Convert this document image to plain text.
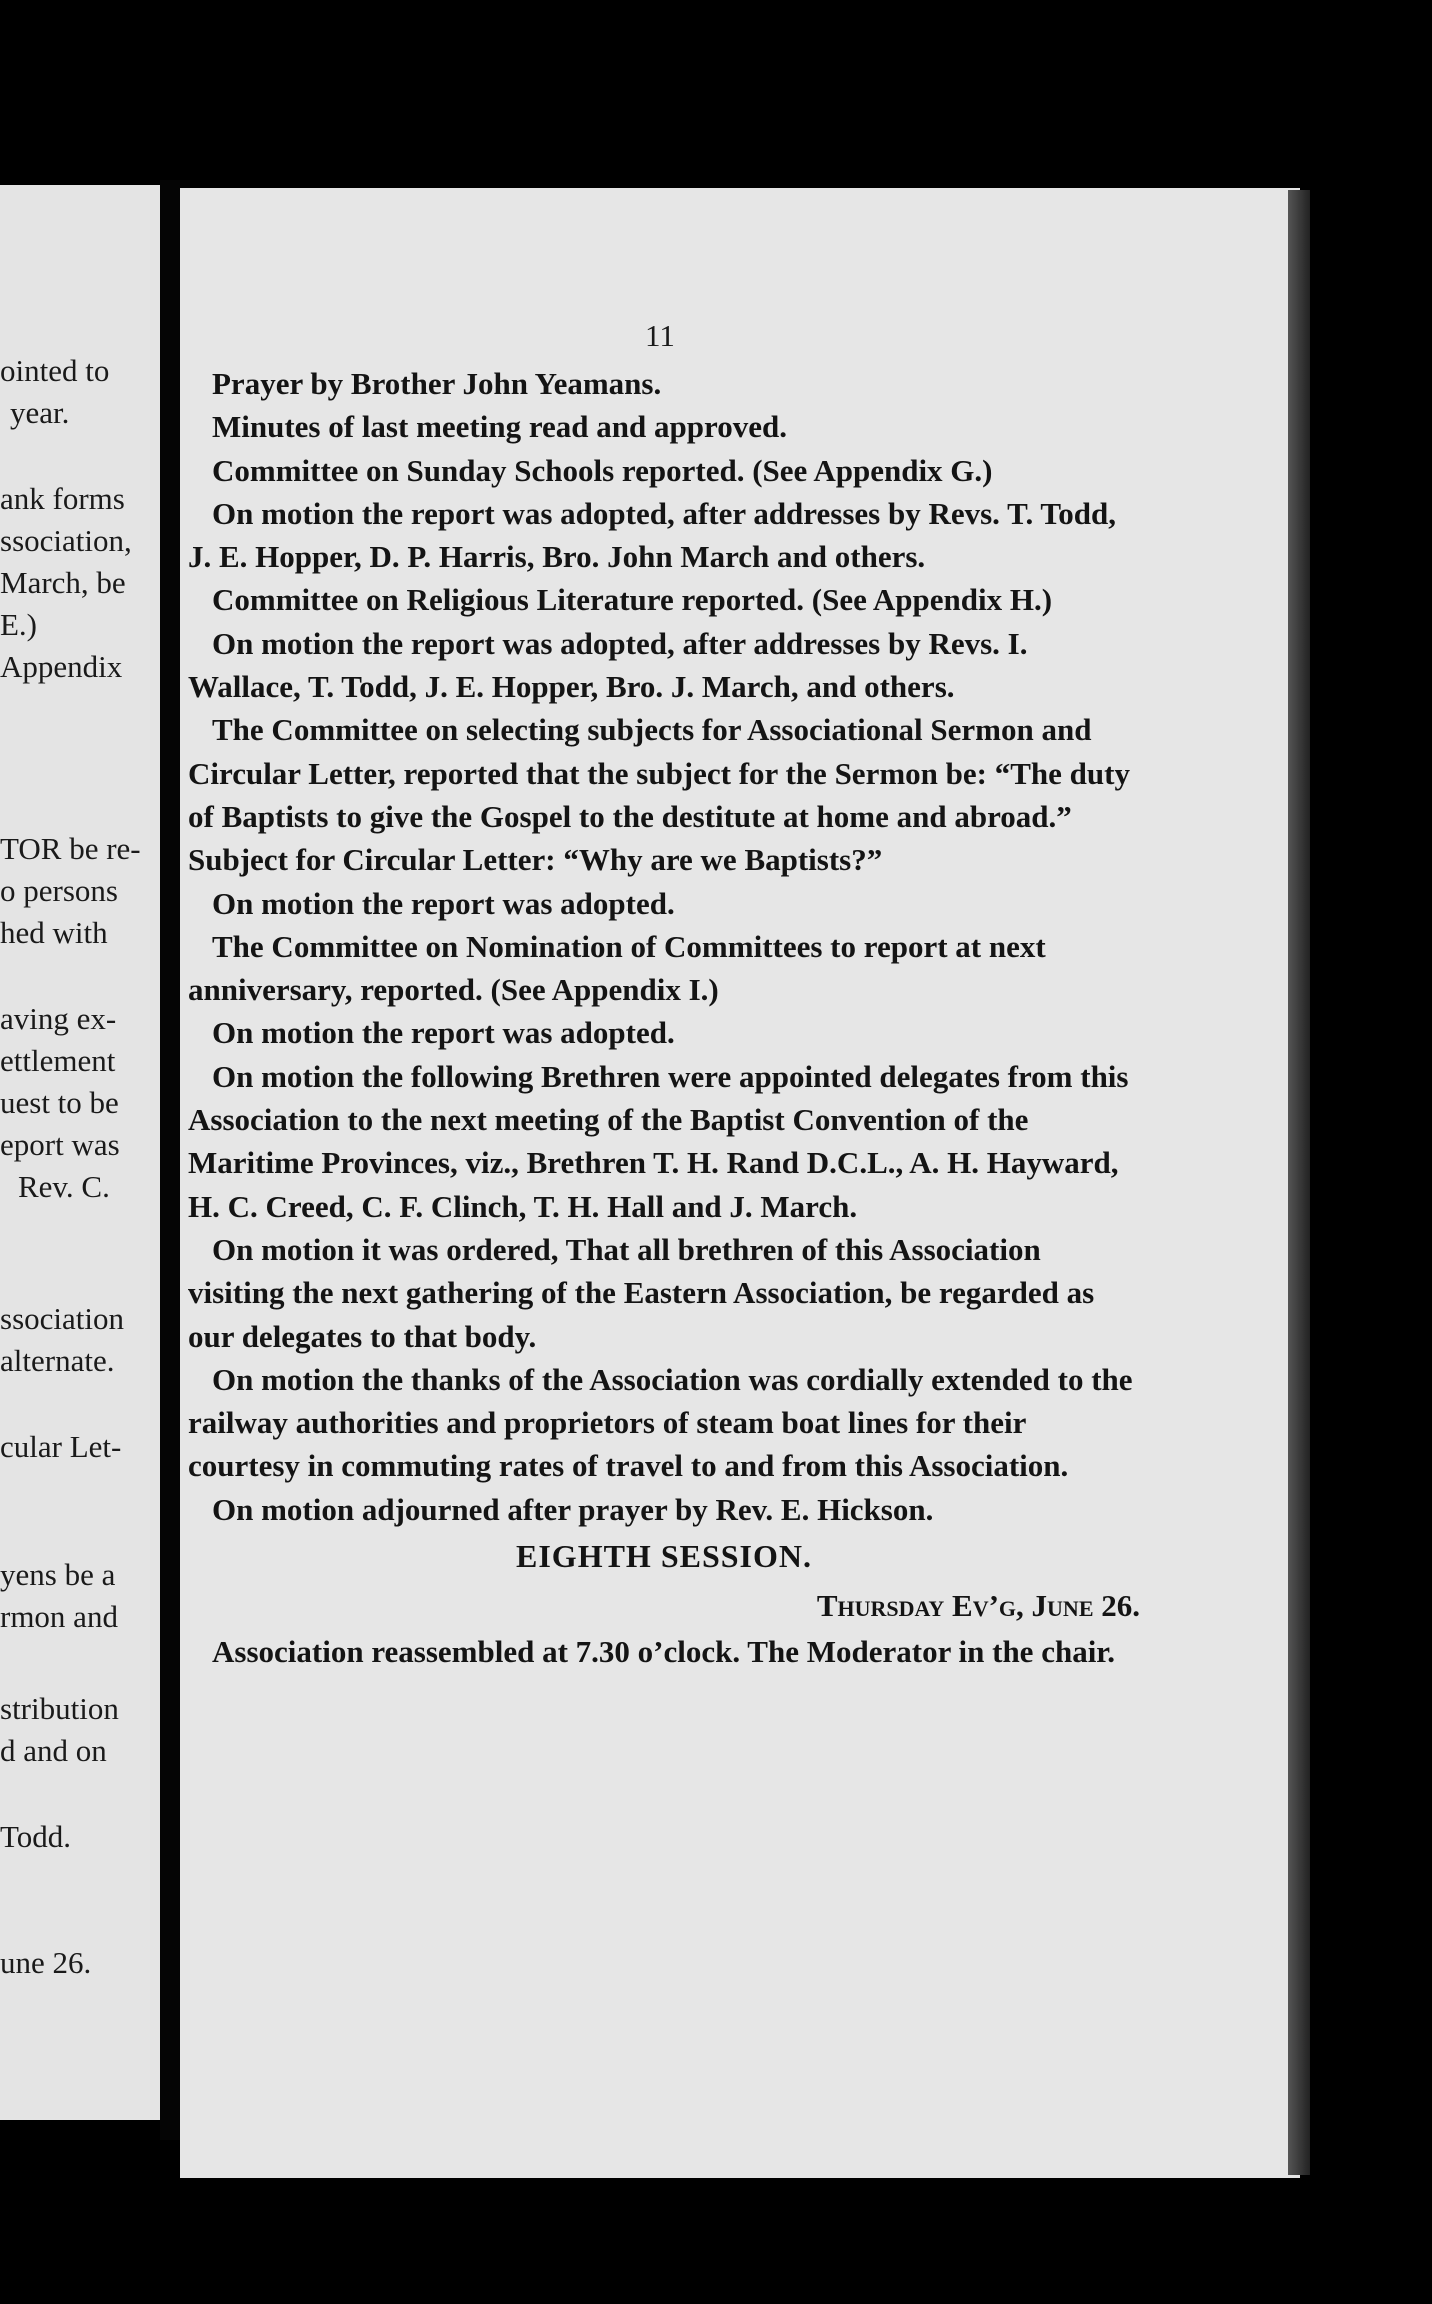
ointed to
year.
ank forms
ssociation,
March, be
E.)
Appendix
TOR be re-
o persons
hed with
aving ex-
ettlement
uest to be
eport was
Rev. C.
ssociation
alternate.
cular Let-
yens be a
rmon and
stribution
d and on
Todd.
une 26.
11

Prayer by Brother John Yeamans.

Minutes of last meeting read and approved.

Committee on Sunday Schools reported. (See Appendix G.)

On motion the report was adopted, after addresses by Revs. T. Todd, J. E. Hopper, D. P. Harris, Bro. John March and others.

Committee on Religious Literature reported. (See Appendix H.)

On motion the report was adopted, after addresses by Revs. I. Wallace, T. Todd, J. E. Hopper, Bro. J. March, and others.

The Committee on selecting subjects for Associational Sermon and Circular Letter, reported that the subject for the Sermon be: “The duty of Baptists to give the Gospel to the destitute at home and abroad.” Subject for Circular Letter: “Why are we Baptists?”

On motion the report was adopted.

The Committee on Nomination of Committees to report at next anniversary, reported. (See Appendix I.)

On motion the report was adopted.

On motion the following Brethren were appointed delegates from this Association to the next meeting of the Baptist Convention of the Maritime Provinces, viz., Brethren T. H. Rand D.C.L., A. H. Hayward, H. C. Creed, C. F. Clinch, T. H. Hall and J. March.

On motion it was ordered, That all brethren of this Association visiting the next gathering of the Eastern Association, be regarded as our delegates to that body.

On motion the thanks of the Association was cordially extended to the railway authorities and proprietors of steam boat lines for their courtesy in commuting rates of travel to and from this Association.

On motion adjourned after prayer by Rev. E. Hickson.

EIGHTH SESSION.
Thursday Ev’g, June 26.

Association reassembled at 7.30 o’clock. The Moderator in the chair.
